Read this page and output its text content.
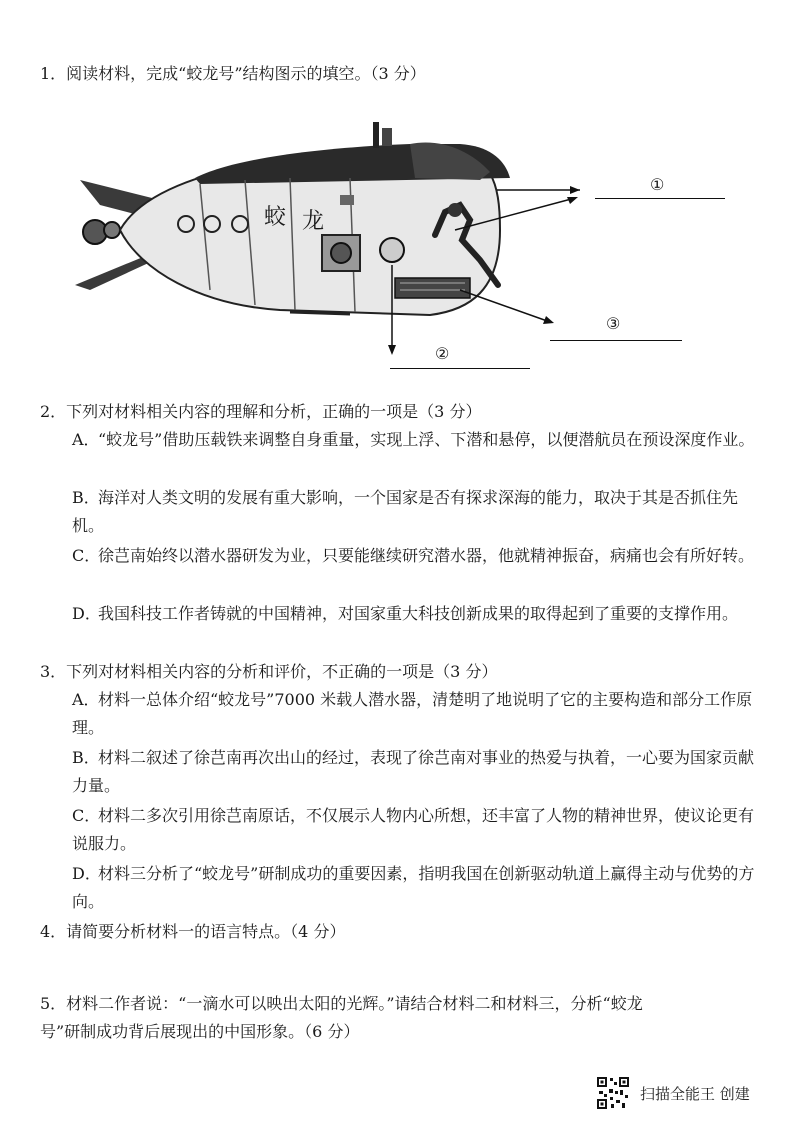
1．阅读材料，完成“蛟龙号”结构图示的填空。（3 分）
蛟 龙
①
②
③
2．下列对材料相关内容的理解和分析，正确的一项是（3 分）
A．“蛟龙号”借助压载铁来调整自身重量，实现上浮、下潜和悬停，以便潜航员在预设深度作业。
B．海洋对人类文明的发展有重大影响，一个国家是否有探求深海的能力，取决于其是否抓住先机。
C．徐芑南始终以潜水器研发为业，只要能继续研究潜水器，他就精神振奋，病痛也会有所好转。
D．我国科技工作者铸就的中国精神，对国家重大科技创新成果的取得起到了重要的支撑作用。
3．下列对材料相关内容的分析和评价，不正确的一项是（3 分）
A．材料一总体介绍“蛟龙号”7000 米载人潜水器，清楚明了地说明了它的主要构造和部分工作原理。
B．材料二叙述了徐芑南再次出山的经过，表现了徐芑南对事业的热爱与执着，一心要为国家贡献力量。
C．材料二多次引用徐芑南原话，不仅展示人物内心所想，还丰富了人物的精神世界，使议论更有说服力。
D．材料三分析了“蛟龙号”研制成功的重要因素，指明我国在创新驱动轨道上赢得主动与优势的方向。
4．请简要分析材料一的语言特点。（4 分）
5．材料二作者说：“一滴水可以映出太阳的光辉。”请结合材料二和材料三，分析“蛟龙
号”研制成功背后展现出的中国形象。（6 分）
扫描全能王 创建
